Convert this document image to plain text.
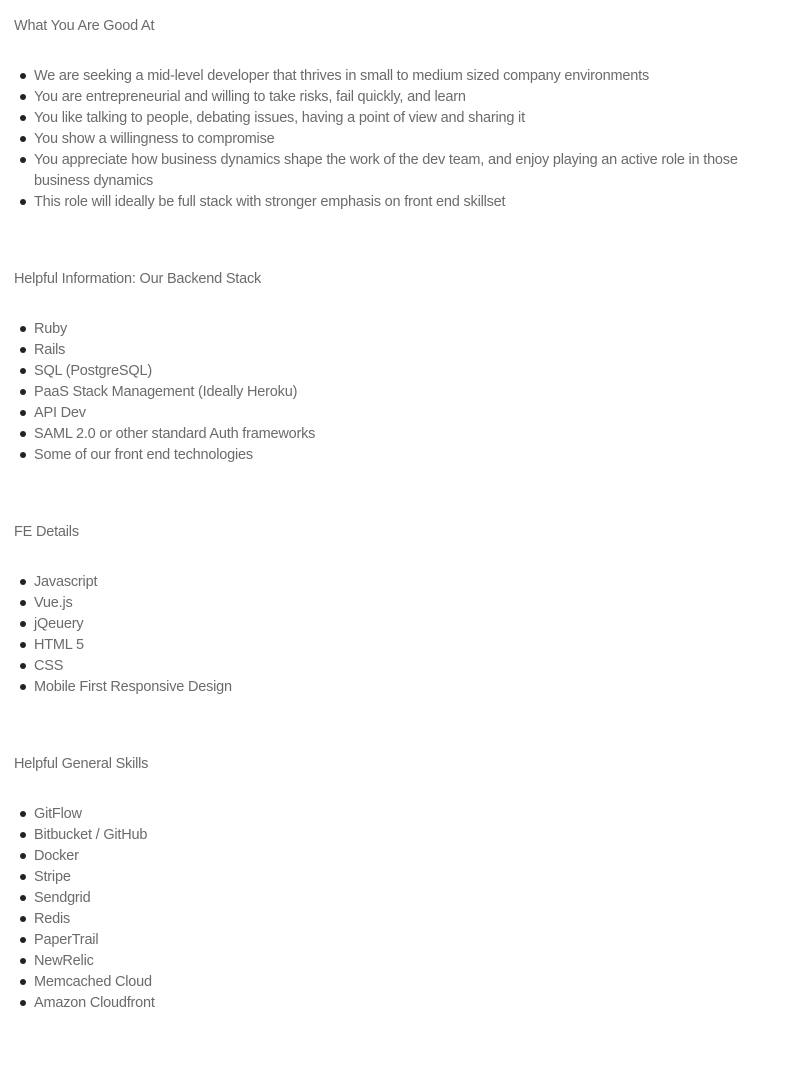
What You Are Good At
We are seeking a mid-level developer that thrives in small to medium sized company environments
You are entrepreneurial and willing to take risks, fail quickly, and learn
You like talking to people, debating issues, having a point of view and sharing it
You show a willingness to compromise
You appreciate how business dynamics shape the work of the dev team, and enjoy playing an active role in those business dynamics
This role will ideally be full stack with stronger emphasis on front end skillset
Helpful Information: Our Backend Stack
Ruby
Rails
SQL (PostgreSQL)
PaaS Stack Management (Ideally Heroku)
API Dev
SAML 2.0 or other standard Auth frameworks
Some of our front end technologies
FE Details
Javascript
Vue.js
jQeuery
HTML 5
CSS
Mobile First Responsive Design
Helpful General Skills
GitFlow
Bitbucket / GitHub
Docker
Stripe
Sendgrid
Redis
PaperTrail
NewRelic
Memcached Cloud
Amazon Cloudfront
